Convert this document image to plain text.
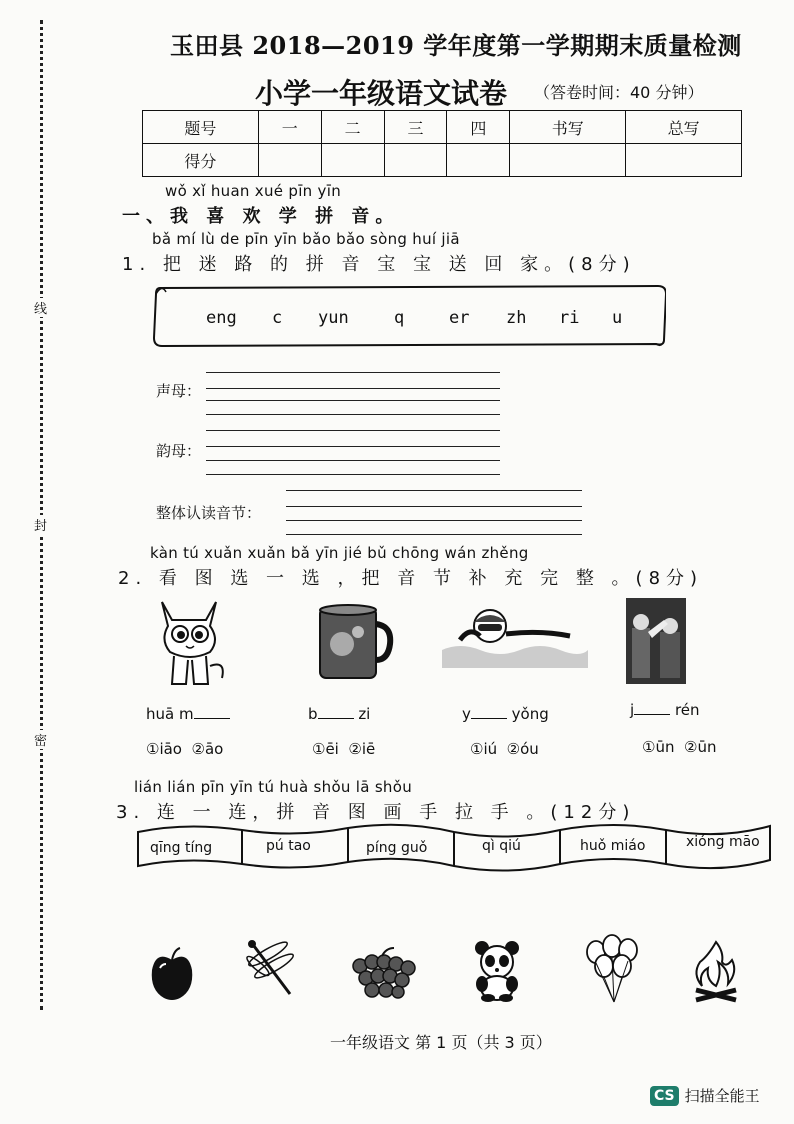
线
封
密
玉田县 2018—2019 学年度第一学期期末质量检测
小学一年级语文试卷 （答卷时间：40 分钟）
题号	一	二	三	四	书写	总写
得分						
wǒ xǐ huan xué pīn yīn
一、我 喜 欢 学 拼 音。
bǎ mí lù de pīn yīn bǎo bǎo sòng huí jiā
1. 把 迷 路 的 拼 音 宝 宝 送 回 家。(8分)
eng c yun	q	er zh ri u
声母：
韵母：
整体认读音节：
kàn tú xuǎn xuǎn bǎ yīn jié bǔ chōng wán zhěng
2. 看 图 选 一 选 ，把 音 节 补 充 完 整 。(8分)
huā m	b	zi	y	yǒng	j	rén
①iāo ②āo	①ēi ②iē	①iú ②óu	①ūn ②ūn
lián lián pīn yīn tú huà shǒu lā shǒu
3. 连 一 连，拼 音 图 画 手 拉 手 。(12分)
qīng tíng	pú tao	píng guǒ	qì qiú	huǒ miáo	xióng māo
一年级语文 第 1 页（共 3 页）
CS 扫描全能王
